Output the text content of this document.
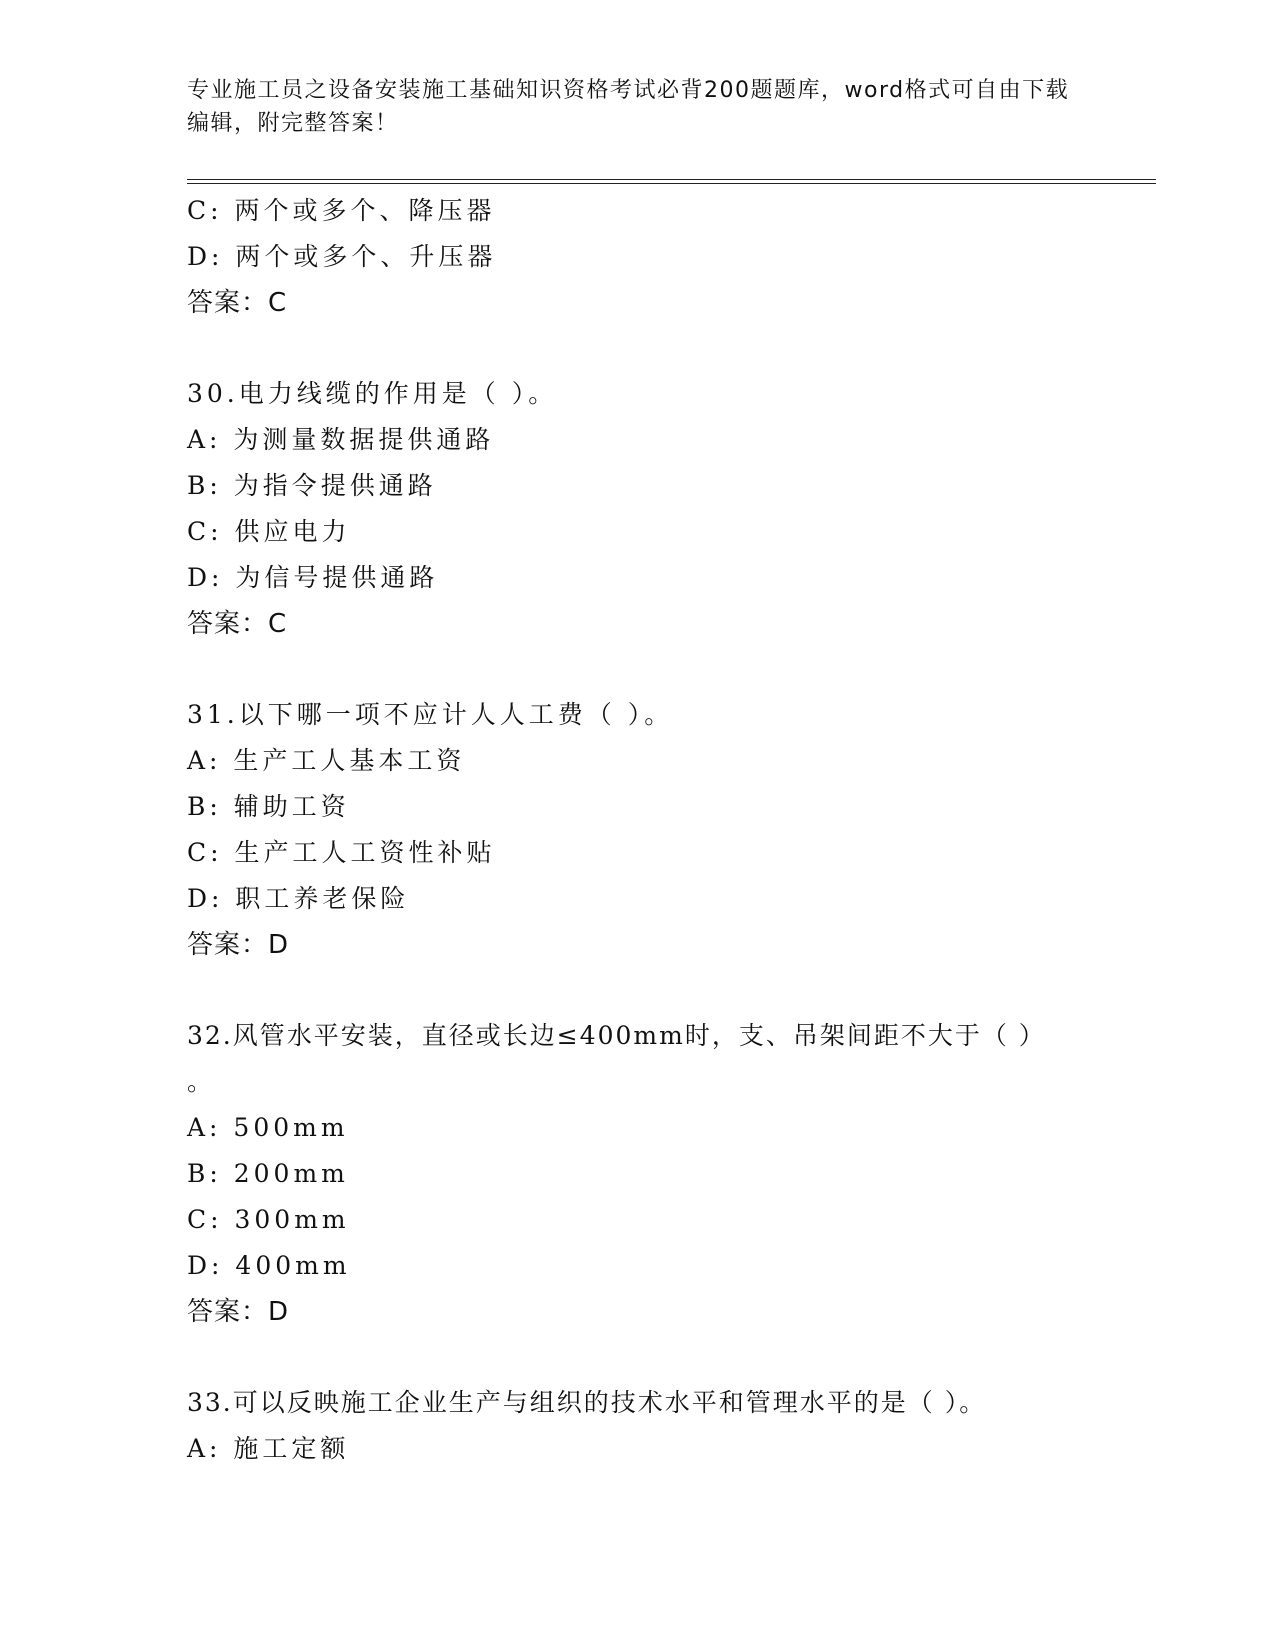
专业施工员之设备安装施工基础知识资格考试必背200题题库，word格式可自由下载编辑，附完整答案！
C: 两个或多个、降压器
D: 两个或多个、升压器
答案：C
30.电力线缆的作用是（ ）。
A: 为测量数据提供通路
B: 为指令提供通路
C: 供应电力
D: 为信号提供通路
答案：C
31.以下哪一项不应计人人工费（ ）。
A: 生产工人基本工资
B: 辅助工资
C: 生产工人工资性补贴
D: 职工养老保险
答案：D
32.风管水平安装，直径或长边≤400mm时，支、吊架间距不大于（ ）
。
A: 500mm
B: 200mm
C: 300mm
D: 400mm
答案：D
33.可以反映施工企业生产与组织的技术水平和管理水平的是（ ）。
A: 施工定额
